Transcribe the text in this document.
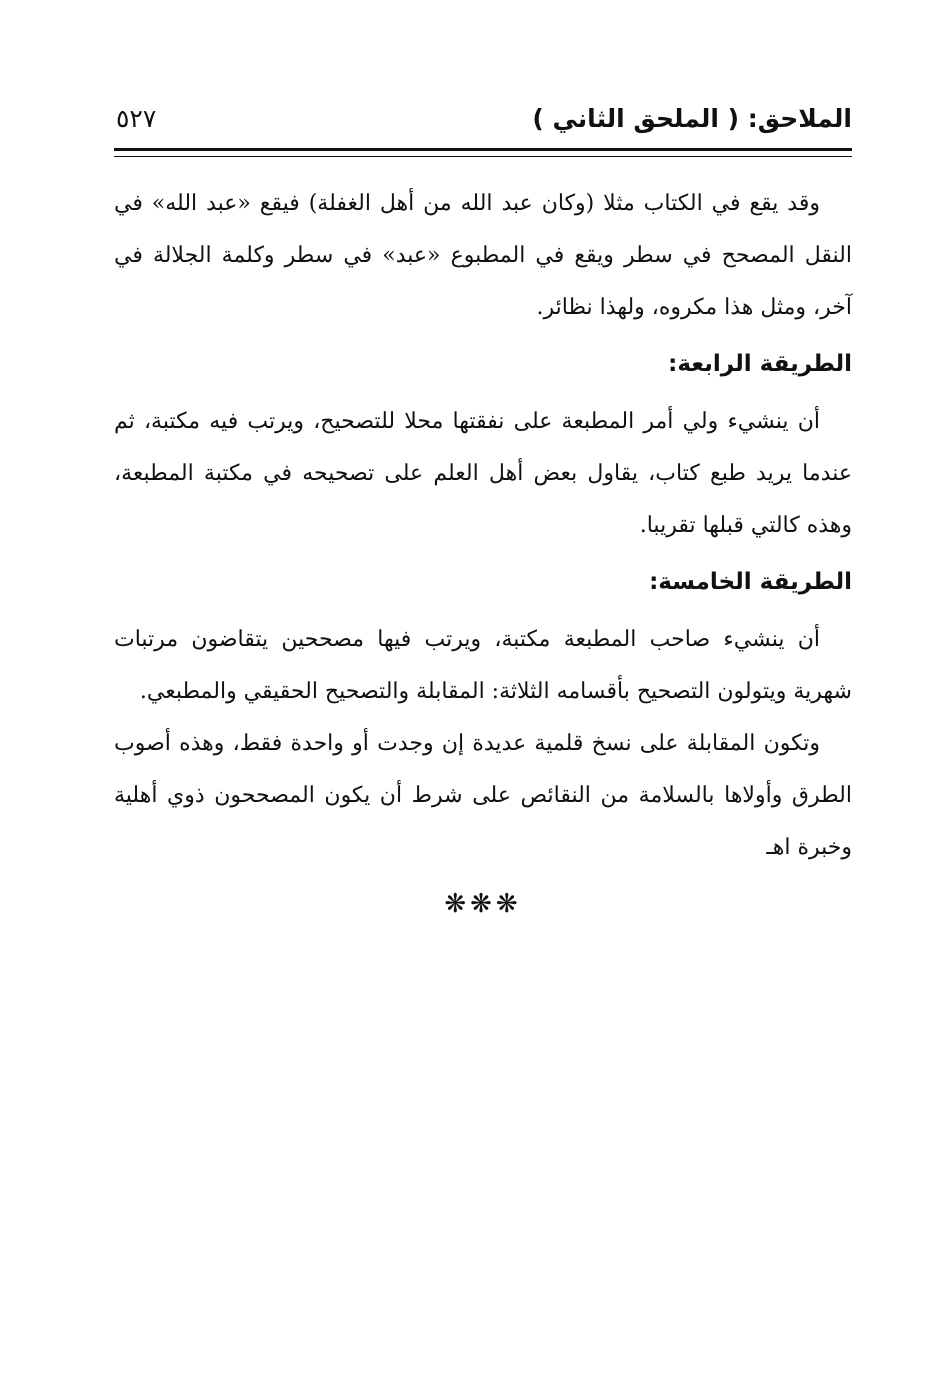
الملاحق: ( الملحق الثاني )
٥٢٧

وقد يقع في الكتاب مثلا (وكان عبد الله من أهل الغفلة) فيقع «عبد الله» في النقل المصحح في سطر ويقع في المطبوع «عبد» في سطر وكلمة الجلالة في آخر، ومثل هذا مكروه، ولهذا نظائر.

الطريقة الرابعة:

أن ينشيء ولي أمر المطبعة على نفقتها محلا للتصحيح، ويرتب فيه مكتبة، ثم عندما يريد طبع كتاب، يقاول بعض أهل العلم على تصحيحه في مكتبة المطبعة، وهذه كالتي قبلها تقريبا.

الطريقة الخامسة:

أن ينشيء صاحب المطبعة مكتبة، ويرتب فيها مصححين يتقاضون مرتبات شهرية ويتولون التصحيح بأقسامه الثلاثة: المقابلة والتصحيح الحقيقي والمطبعي.

وتكون المقابلة على نسخ قلمية عديدة إن وجدت أو واحدة فقط، وهذه أصوب الطرق وأولاها بالسلامة من النقائص على شرط أن يكون المصححون ذوي أهلية وخبرة اهـ

❋❋❋
